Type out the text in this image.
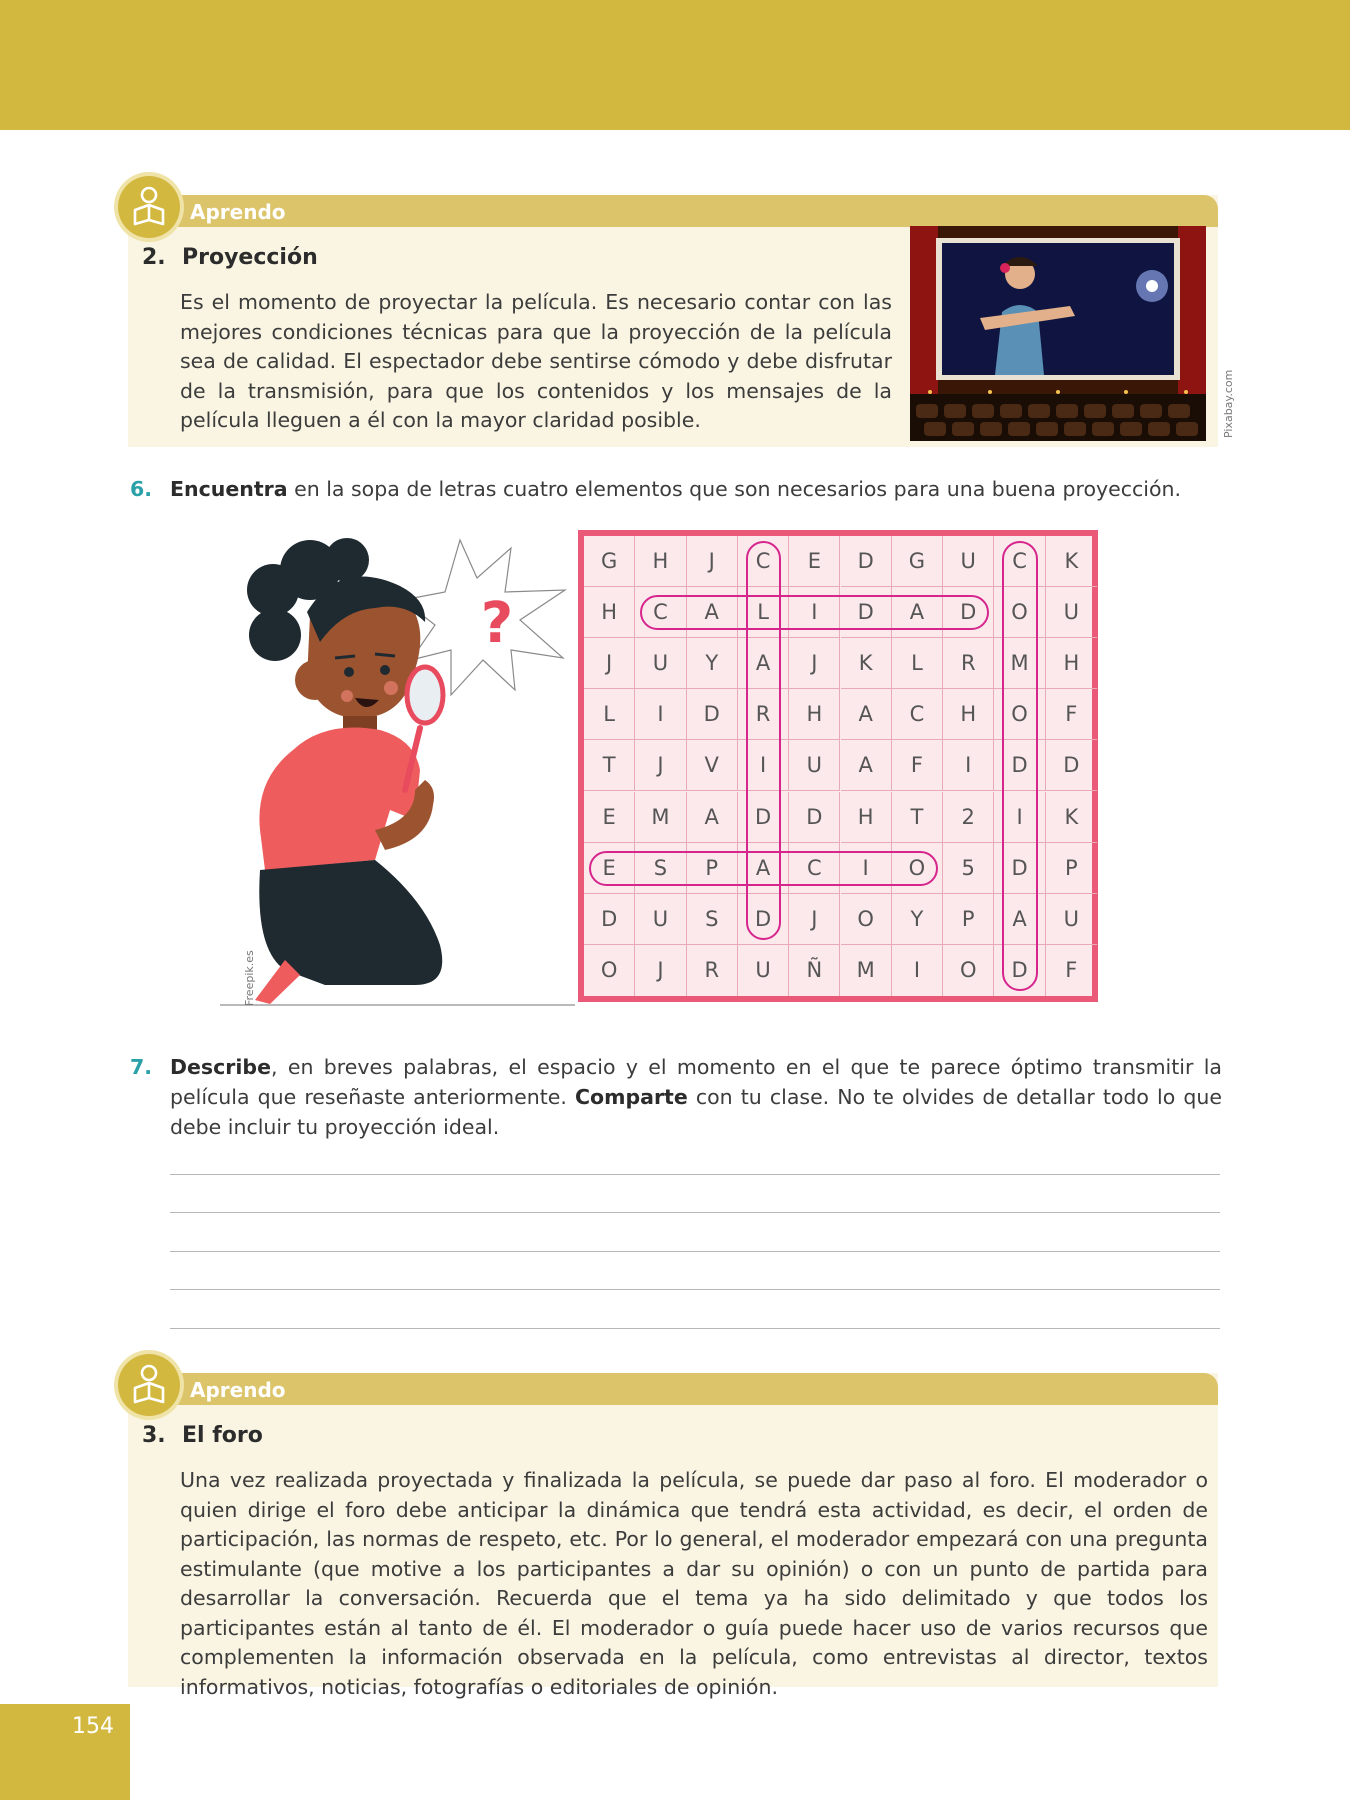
Aprendo
2. Proyección
Es el momento de proyectar la película. Es necesario contar con las mejores condiciones técnicas para que la proyección de la película sea de calidad. El espectador debe sentirse cómodo y debe disfrutar de la transmisión, para que los contenidos y los mensajes de la película lleguen a él con la mayor claridad posible.	Pixabay.com
6. Encuentra en la sopa de letras cuatro elementos que son necesarios para una buena proyección.
?
Freepik.es
G	H	J	C	E	D	G	U	C	K
H	C	A	L	I	D	A	D	O	U
J	U	Y	A	J	K	L	R	M	H
L	I	D	R	H	A	C	H	O	F
T	J	V	I	U	A	F	I	D	D
E	M	A	D	D	H	T	2	I	K
E	S	P	A	C	I	O	5	D	P
D	U	S	D	J	O	Y	P	A	U
O	J	R	U	Ñ	M	I	O	D	F
7. Describe, en breves palabras, el espacio y el momento en el que te parece óptimo transmitir la película que reseñaste anteriormente. Comparte con tu clase. No te olvides de detallar todo lo que debe incluir tu proyección ideal.
Aprendo
3. El foro
Una vez realizada proyectada y finalizada la película, se puede dar paso al foro. El moderador o quien dirige el foro debe anticipar la dinámica que tendrá esta actividad, es decir, el orden de participación, las normas de respeto, etc. Por lo general, el moderador empezará con una pregunta estimulante (que motive a los participantes a dar su opinión) o con un punto de partida para desarrollar la conversación. Recuerda que el tema ya ha sido delimitado y que todos los participantes están al tanto de él. El moderador o guía puede hacer uso de varios recursos que complementen la información observada en la película, como entrevistas al director, textos informativos, noticias, fotografías o editoriales de opinión.
154
